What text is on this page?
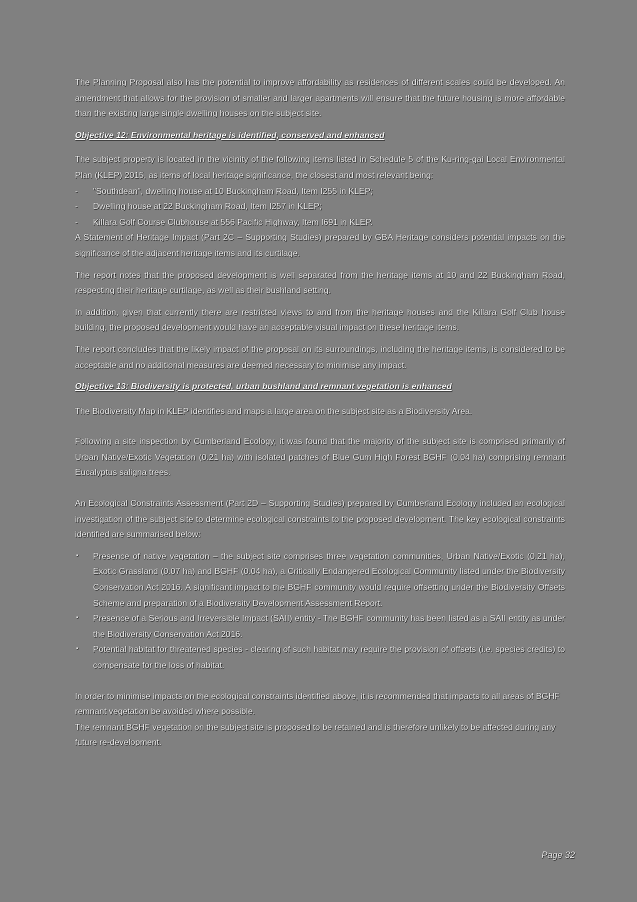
The Planning Proposal also has the potential to improve affordability as residences of different scales could be developed. An amendment that allows for the provision of smaller and larger apartments will ensure that the future housing is more affordable than the existing large single dwelling houses on the subject site.

Objective 12: Environmental heritage is identified, conserved and enhanced

The subject property is located in the vicinity of the following items listed in Schedule 5 of the Ku-ring-gai Local Environmental Plan (KLEP) 2015, as items of local heritage significance, the closest and most relevant being:

- "Southdean", dwelling house at 10 Buckingham Road, Item I255 in KLEP;
- Dwelling house at 22 Buckingham Road, Item I257 in KLEP;
- Killara Golf Course Clubhouse at 556 Pacific Highway, Item I691 in KLEP.

A Statement of Heritage Impact (Part 2C – Supporting Studies) prepared by GBA Heritage considers potential impacts on the significance of the adjacent heritage items and its curtilage.

The report notes that the proposed development is well separated from the heritage items at 10 and 22 Buckingham Road, respecting their heritage curtilage, as well as their bushland setting.

In addition, given that currently there are restricted views to and from the heritage houses and the Killara Golf Club house building, the proposed development would have an acceptable visual impact on these heritage items.

The report concludes that the likely impact of the proposal on its surroundings, including the heritage items, is considered to be acceptable and no additional measures are deemed necessary to minimise any impact.

Objective 13: Biodiversity is protected, urban bushland and remnant vegetation is enhanced

The Biodiversity Map in KLEP identifies and maps a large area on the subject site as a Biodiversity Area.

Following a site inspection by Cumberland Ecology, it was found that the majority of the subject site is comprised primarily of Urban Native/Exotic Vegetation (0.21 ha) with isolated patches of Blue Gum High Forest BGHF (0.04 ha) comprising remnant Eucalyptus saligna trees.

An Ecological Constraints Assessment (Part 2D – Supporting Studies) prepared by Cumberland Ecology included an ecological investigation of the subject site to determine ecological constraints to the proposed development. The key ecological constraints identified are summarised below:

▪ Presence of native vegetation – the subject site comprises three vegetation communities, Urban Native/Exotic (0.21 ha), Exotic Grassland (0.07 ha) and BGHF (0.04 ha), a Critically Endangered Ecological Community listed under the Biodiversity Conservation Act 2016. A significant impact to the BGHF community would require offsetting under the Biodiversity Offsets Scheme and preparation of a Biodiversity Development Assessment Report.
▪ Presence of a Serious and Irreversible Impact (SAII) entity - The BGHF community has been listed as a SAII entity as under the Biodiversity Conservation Act 2016.
▪ Potential habitat for threatened species - clearing of such habitat may require the provision of offsets (i.e. species credits) to compensate for the loss of habitat.

In order to minimise impacts on the ecological constraints identified above, it is recommended that impacts to all areas of BGHF remnant vegetation be avoided where possible.

The remnant BGHF vegetation on the subject site is proposed to be retained and is therefore unlikely to be affected during any future re-development.

Page 32
